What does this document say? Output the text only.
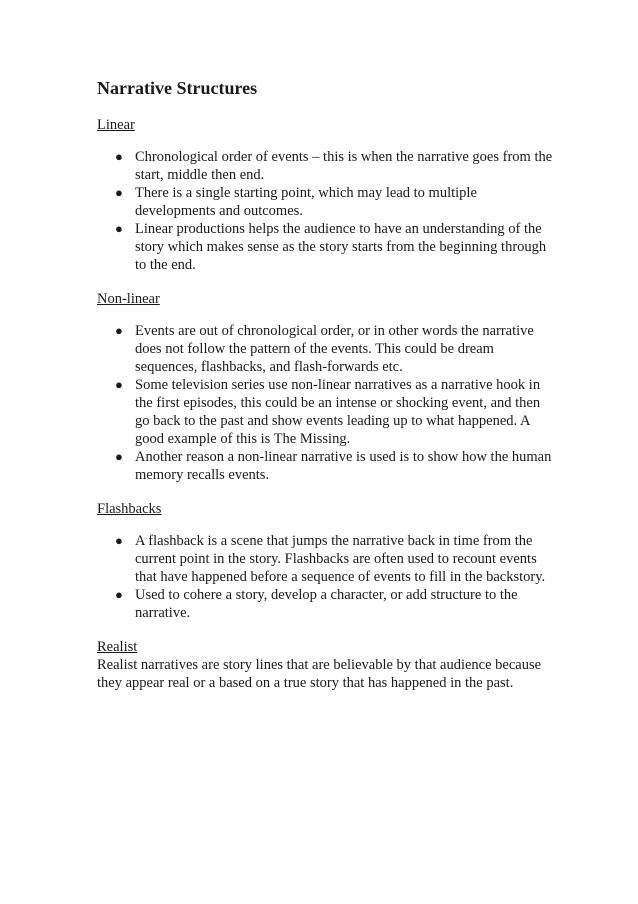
Narrative Structures
Linear
● Chronological order of events – this is when the narrative goes from the start, middle then end.
● There is a single starting point, which may lead to multiple developments and outcomes.
● Linear productions helps the audience to have an understanding of the story which makes sense as the story starts from the beginning through to the end.
Non-linear
● Events are out of chronological order, or in other words the narrative does not follow the pattern of the events. This could be dream sequences, flashbacks, and flash-forwards etc.
● Some television series use non-linear narratives as a narrative hook in the first episodes, this could be an intense or shocking event, and then go back to the past and show events leading up to what happened. A good example of this is The Missing.
● Another reason a non-linear narrative is used is to show how the human memory recalls events.
Flashbacks
● A flashback is a scene that jumps the narrative back in time from the current point in the story. Flashbacks are often used to recount events that have happened before a sequence of events to fill in the backstory.
● Used to cohere a story, develop a character, or add structure to the narrative.
Realist

Realist narratives are story lines that are believable by that audience because they appear real or a based on a true story that has happened in the past.
